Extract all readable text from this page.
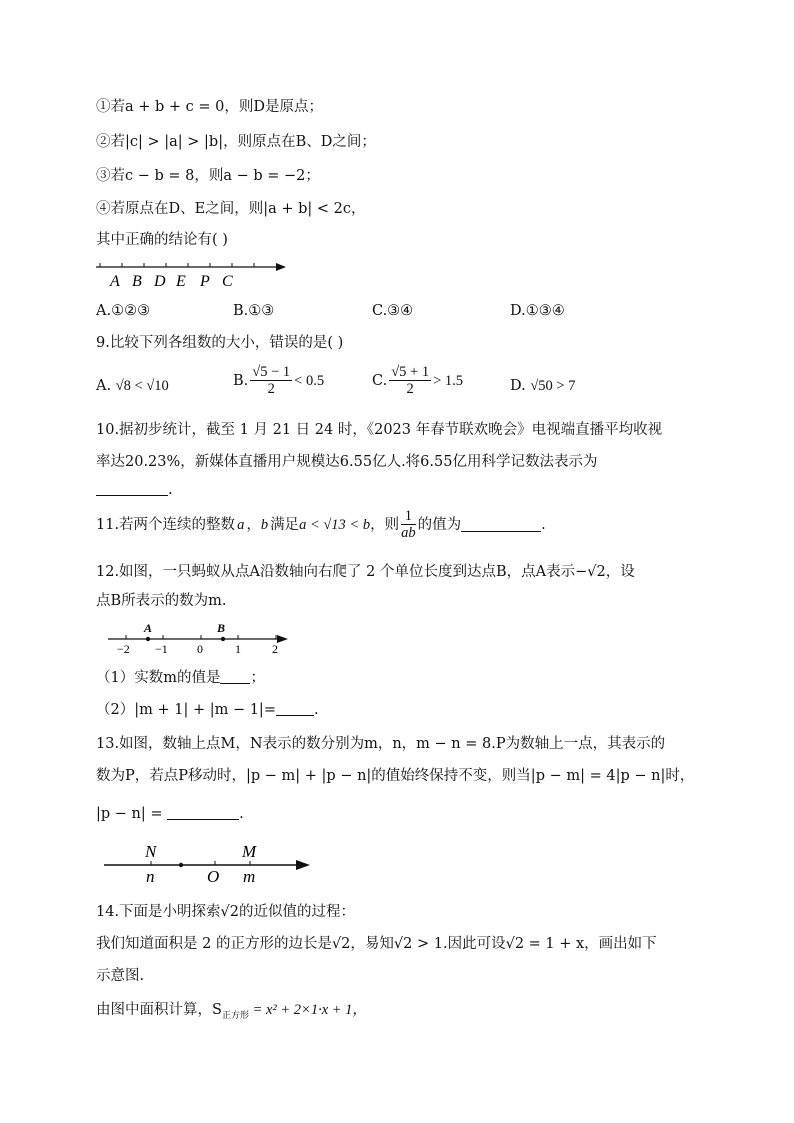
①若a + b + c = 0，则D是原点；
②若|c| > |a| > |b|，则原点在B、D之间；
③若c − b = 8，则a − b = −2；
④若原点在D、E之间，则|a + b| < 2c，
其中正确的结论有( )
A B D E P C
A.①②③	B.①③	C.③④	D.①③④
9.比较下列各组数的大小，错误的是( )
A. √8 < √10	B. $\frac{√5 - 1}{2} < 0.5$	C. $\frac{√5 + 1}{2} > 1.5$	D. √50 > 7
10.据初步统计，截至 1 月 21 日 24 时，《2023 年春节联欢晚会》电视端直播平均收视
率达20.23%，新媒体直播用户规模达6.55亿人.将6.55亿用科学记数法表示为
.
11.若两个连续的整数 a ， b 满足 a < √13 < b ，则 $\frac{1}{ab}$ 的值为	.
12.如图，一只蚂蚁从点A沿数轴向右爬了 2 个单位长度到达点B，点A表示−√2，设
点B所表示的数为m.
A	B
−2 −1 0	1	2
（1）实数m的值是 ；
（2）|m + 1| + |m − 1|=	.
13.如图，数轴上点M，N表示的数分别为m，n，m − n = 8.P为数轴上一点，其表示的
数为P，若点P移动时，|p − m| + |p − n|的值始终保持不变，则当|p − m| = 4|p − n|时，
|p − n| =	.
N	M
n	O m
14.下面是小明探索√2的近似值的过程：
我们知道面积是 2 的正方形的边长是√2，易知√2 > 1.因此可设√2 = 1 + x，画出如下
示意图.
由图中面积计算，$S_{正方形} = x^2 + 2\times 1\cdot x + 1$，
